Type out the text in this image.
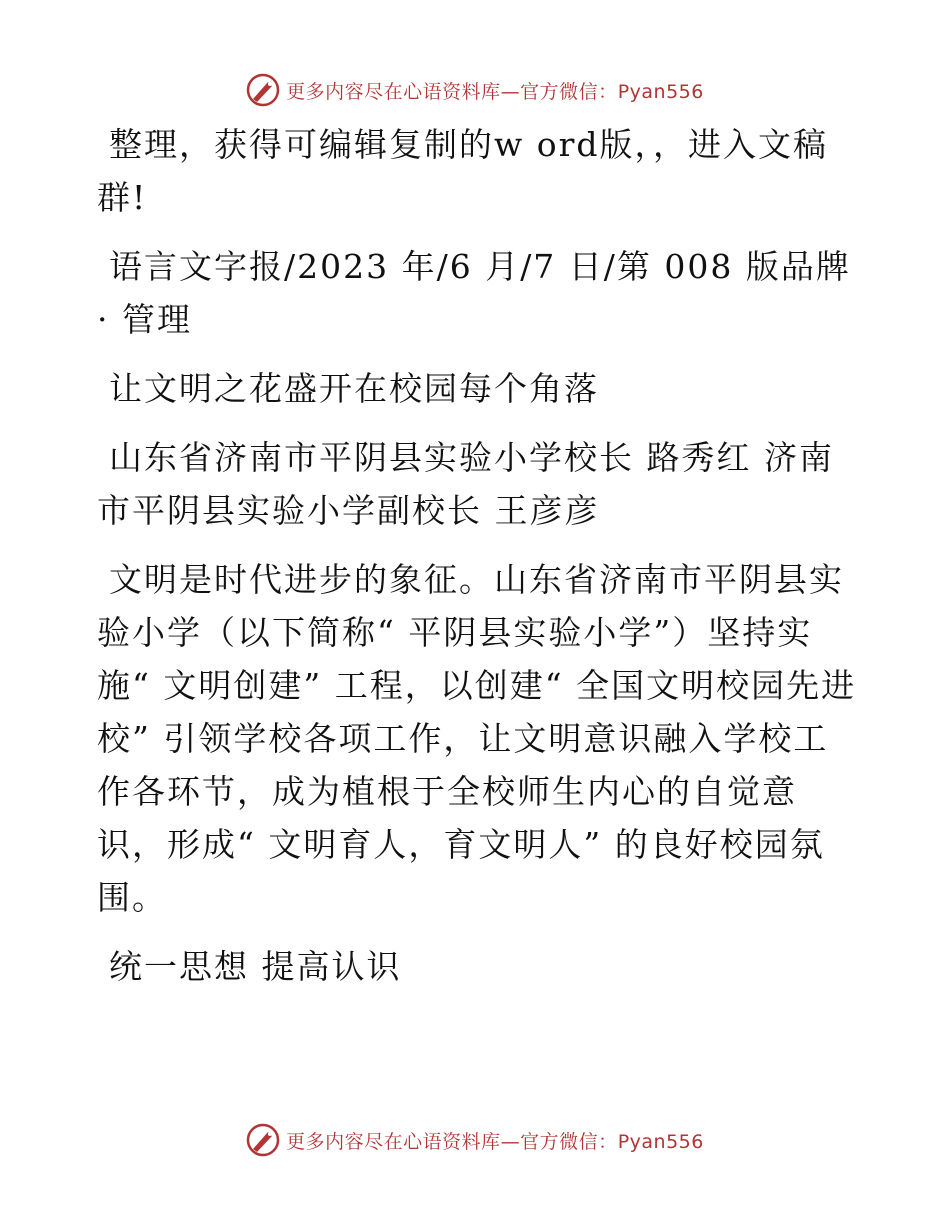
更多内容尽在心语资料库—官方微信：Pyan556

整理，获得可编辑复制的w ord版，，进入文稿群!

语言文字报/2023 年/6 月/7 日/第 008 版品牌 · 管理

让文明之花盛开在校园每个角落

山东省济南市平阴县实验小学校长 路秀红 济南市平阴县实验小学副校长 王彦彦

文明是时代进步的象征。山东省济南市平阴县实验小学（以下简称“ 平阴县实验小学”）坚持实施“ 文明创建” 工程，以创建“ 全国文明校园先进校” 引领学校各项工作，让文明意识融入学校工作各环节，成为植根于全校师生内心的自觉意识，形成“ 文明育人，育文明人” 的良好校园氛围。

统一思想 提高认识

更多内容尽在心语资料库—官方微信：Pyan556
